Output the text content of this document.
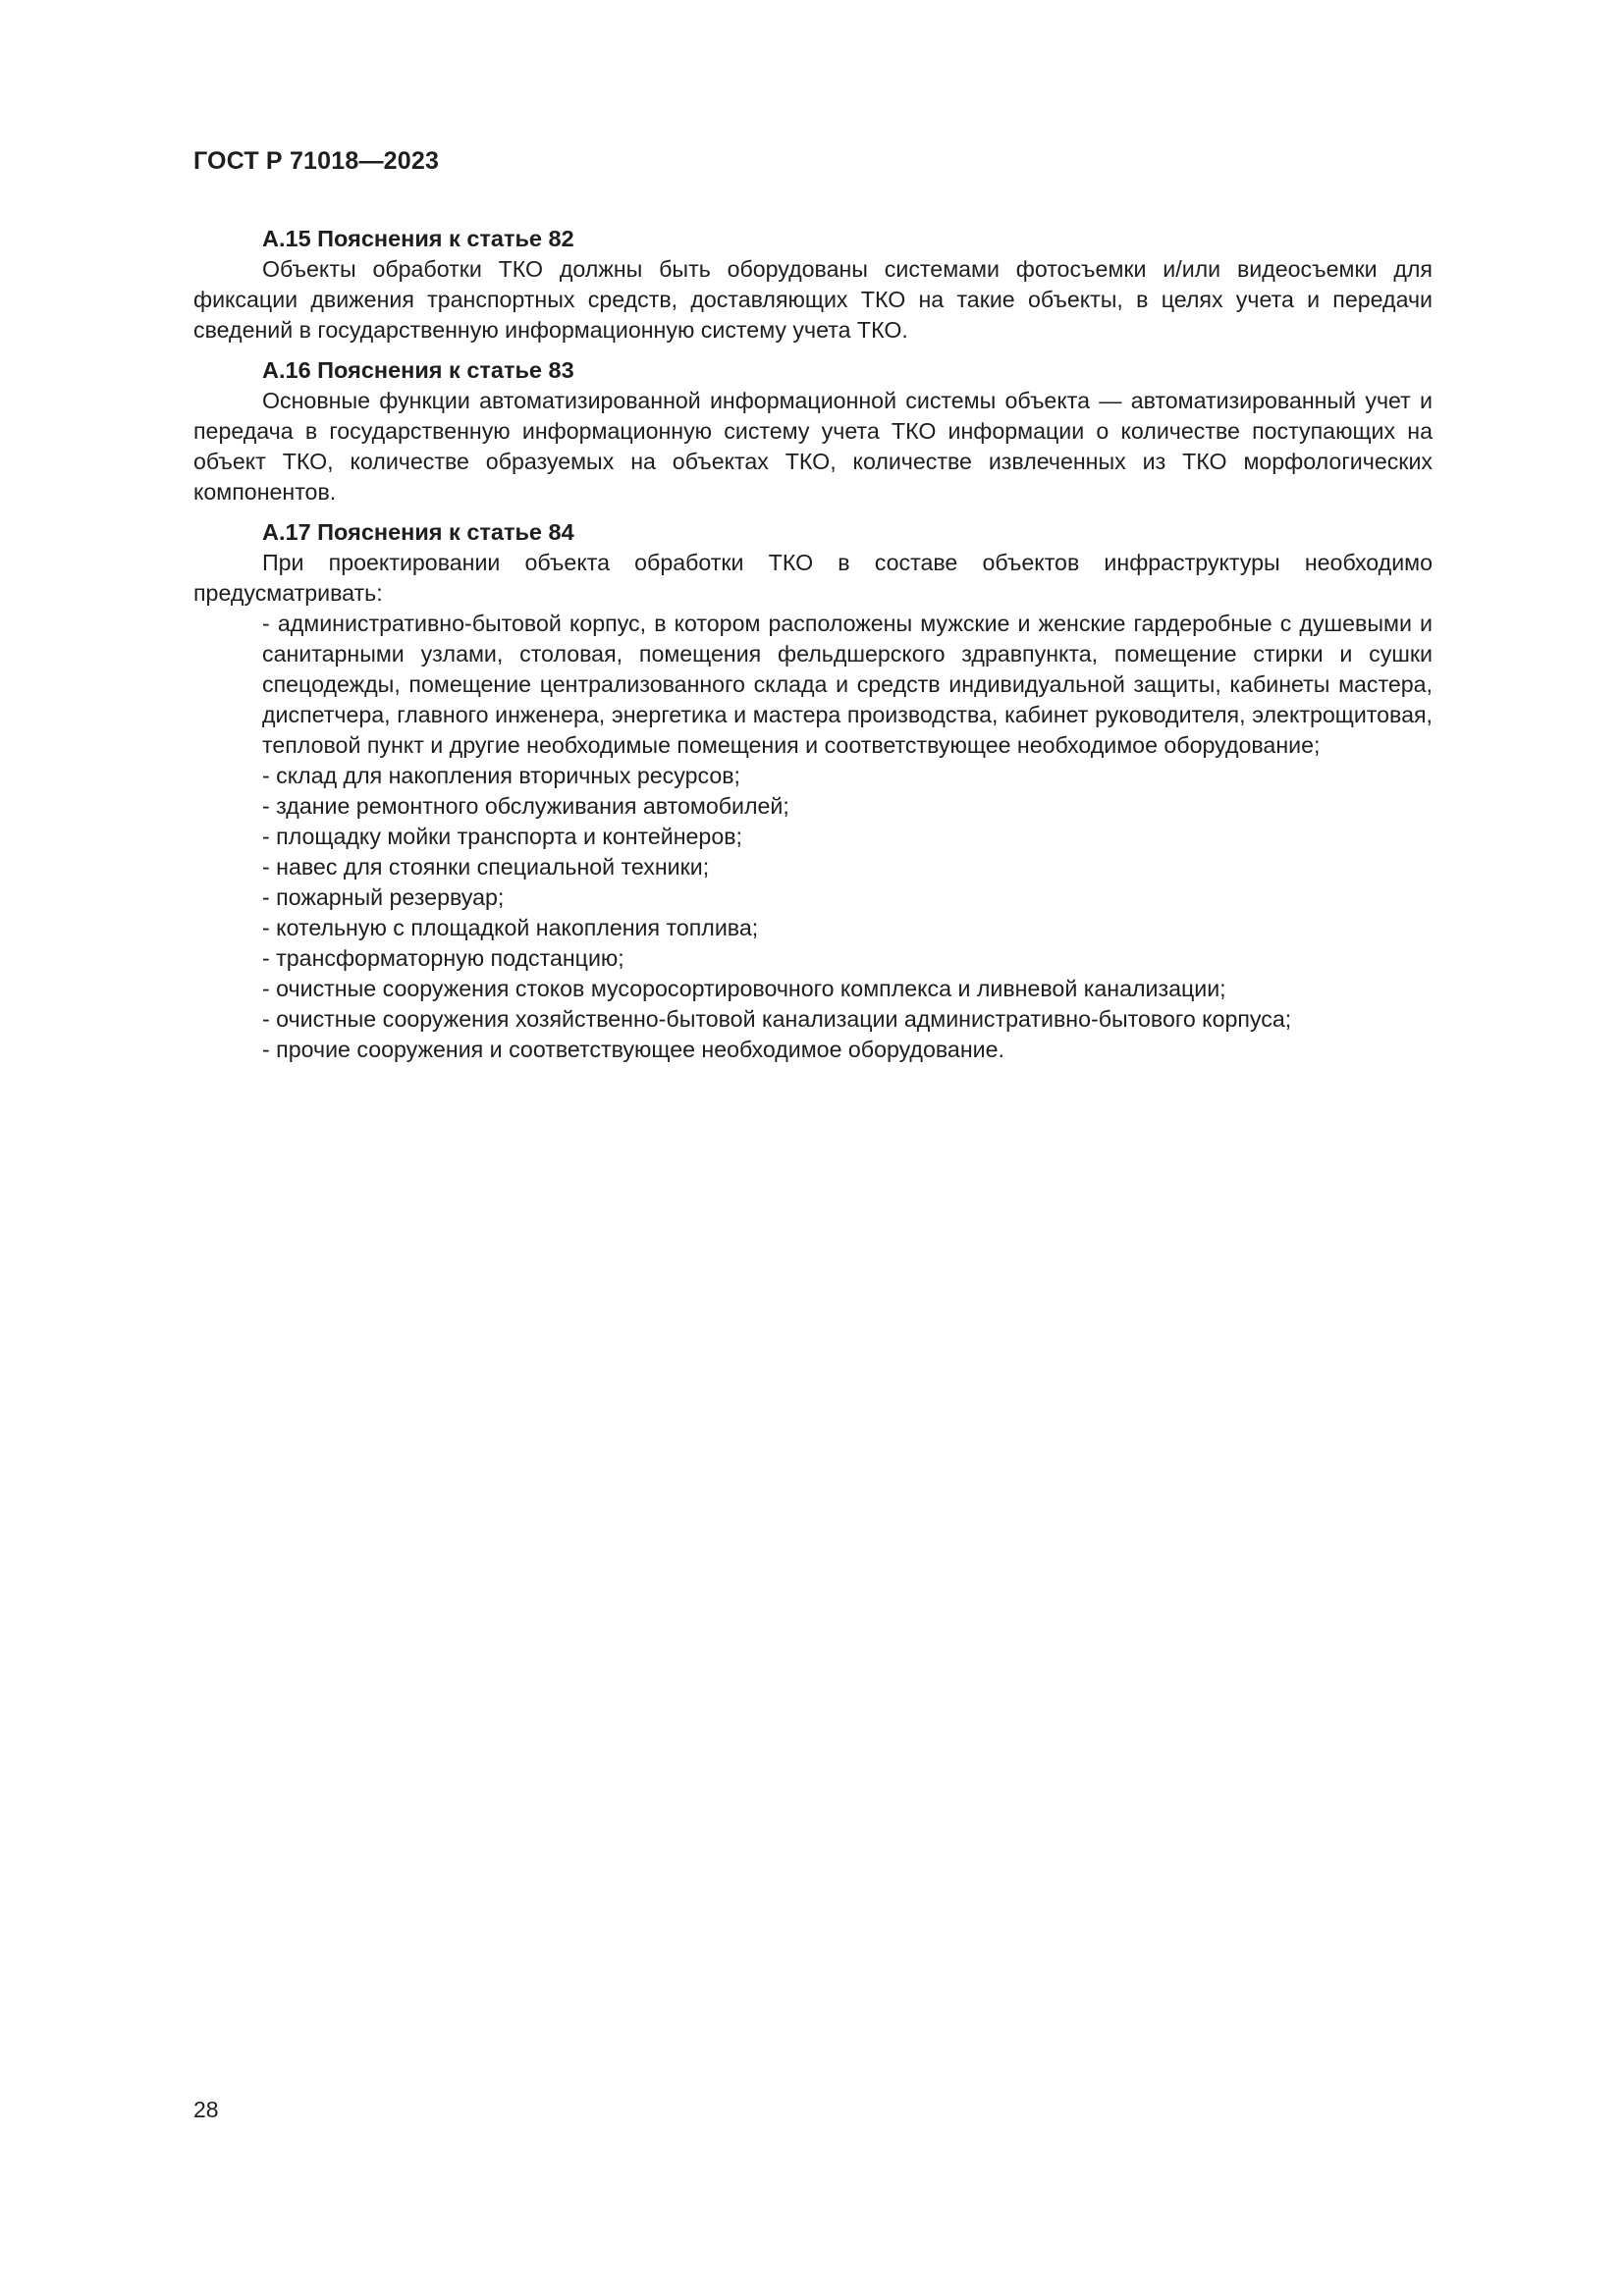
ГОСТ Р 71018—2023
А.15 Пояснения к статье 82

Объекты обработки ТКО должны быть оборудованы системами фотосъемки и/или видеосъемки для фиксации движения транспортных средств, доставляющих ТКО на такие объекты, в целях учета и передачи сведений в государственную информационную систему учета ТКО.

А.16 Пояснения к статье 83

Основные функции автоматизированной информационной системы объекта — автоматизированный учет и передача в государственную информационную систему учета ТКО информации о количестве поступающих на объект ТКО, количестве образуемых на объектах ТКО, количестве извлеченных из ТКО морфологических компонентов.

А.17 Пояснения к статье 84

При проектировании объекта обработки ТКО в составе объектов инфраструктуры необходимо предусматривать:

- административно-бытовой корпус, в котором расположены мужские и женские гардеробные с душевыми и санитарными узлами, столовая, помещения фельдшерского здравпункта, помещение стирки и сушки спецодежды, помещение централизованного склада и средств индивидуальной защиты, кабинеты мастера, диспетчера, главного инженера, энергетика и мастера производства, кабинет руководителя, электрощитовая, тепловой пункт и другие необходимые помещения и соответствующее необходимое оборудование;
- склад для накопления вторичных ресурсов;
- здание ремонтного обслуживания автомобилей;
- площадку мойки транспорта и контейнеров;
- навес для стоянки специальной техники;
- пожарный резервуар;
- котельную с площадкой накопления топлива;
- трансформаторную подстанцию;
- очистные сооружения стоков мусоросортировочного комплекса и ливневой канализации;
- очистные сооружения хозяйственно-бытовой канализации административно-бытового корпуса;
- прочие сооружения и соответствующее необходимое оборудование.

28
